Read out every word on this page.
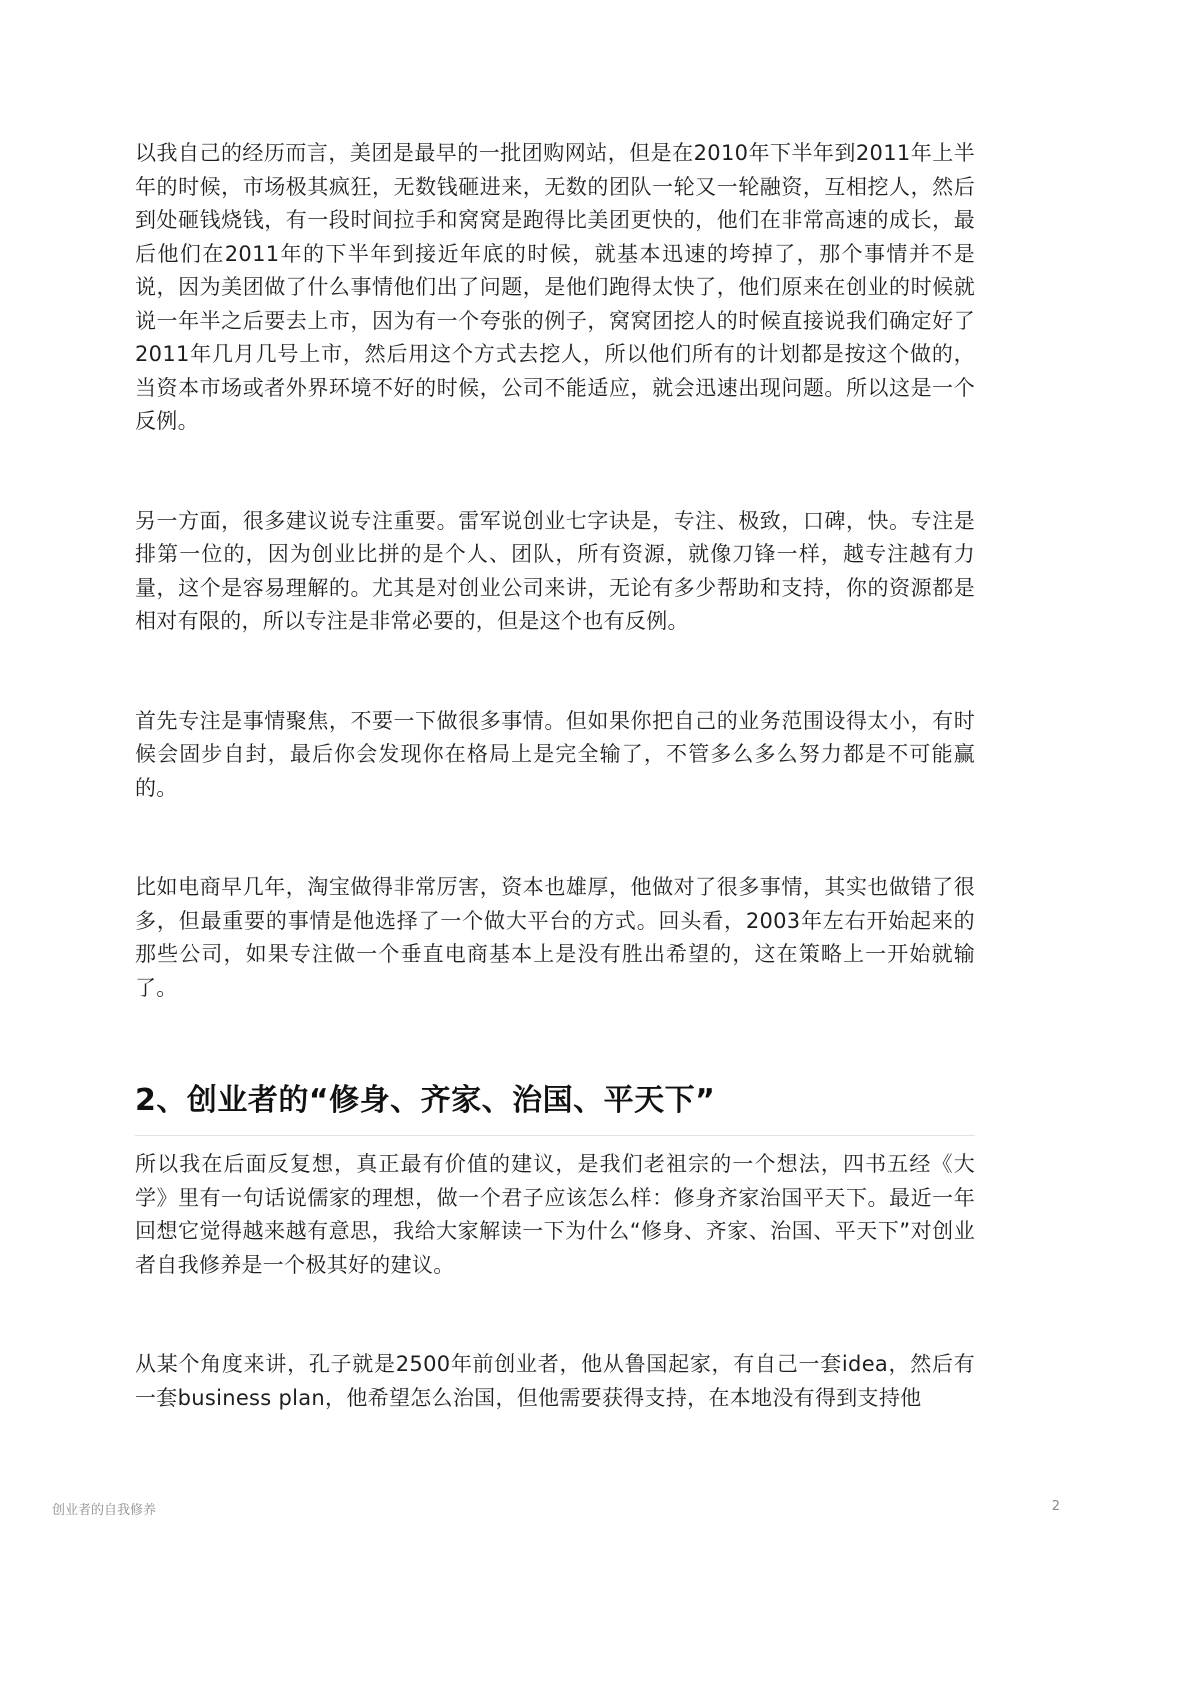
以我自己的经历而言，美团是最早的一批团购网站，但是在2010年下半年到2011年上半年的时候，市场极其疯狂，无数钱砸进来，无数的团队一轮又一轮融资，互相挖人，然后到处砸钱烧钱，有一段时间拉手和窝窝是跑得比美团更快的，他们在非常高速的成长，最后他们在2011年的下半年到接近年底的时候，就基本迅速的垮掉了，那个事情并不是说，因为美团做了什么事情他们出了问题，是他们跑得太快了，他们原来在创业的时候就说一年半之后要去上市，因为有一个夸张的例子，窝窝团挖人的时候直接说我们确定好了2011年几月几号上市，然后用这个方式去挖人，所以他们所有的计划都是按这个做的，当资本市场或者外界环境不好的时候，公司不能适应，就会迅速出现问题。所以这是一个反例。

另一方面，很多建议说专注重要。雷军说创业七字诀是，专注、极致，口碑，快。专注是排第一位的，因为创业比拼的是个人、团队，所有资源，就像刀锋一样，越专注越有力量，这个是容易理解的。尤其是对创业公司来讲，无论有多少帮助和支持，你的资源都是相对有限的，所以专注是非常必要的，但是这个也有反例。

首先专注是事情聚焦，不要一下做很多事情。但如果你把自己的业务范围设得太小，有时候会固步自封，最后你会发现你在格局上是完全输了，不管多么多么努力都是不可能赢的。

比如电商早几年，淘宝做得非常厉害，资本也雄厚，他做对了很多事情，其实也做错了很多，但最重要的事情是他选择了一个做大平台的方式。回头看，2003年左右开始起来的那些公司，如果专注做一个垂直电商基本上是没有胜出希望的，这在策略上一开始就输了。

2、创业者的“修身、齐家、治国、平天下”

所以我在后面反复想，真正最有价值的建议，是我们老祖宗的一个想法，四书五经《大学》里有一句话说儒家的理想，做一个君子应该怎么样：修身齐家治国平天下。最近一年回想它觉得越来越有意思，我给大家解读一下为什么“修身、齐家、治国、平天下”对创业者自我修养是一个极其好的建议。

从某个角度来讲，孔子就是2500年前创业者，他从鲁国起家，有自己一套idea，然后有一套business plan，他希望怎么治国，但他需要获得支持，在本地没有得到支持他

创业者的自我修养	2
